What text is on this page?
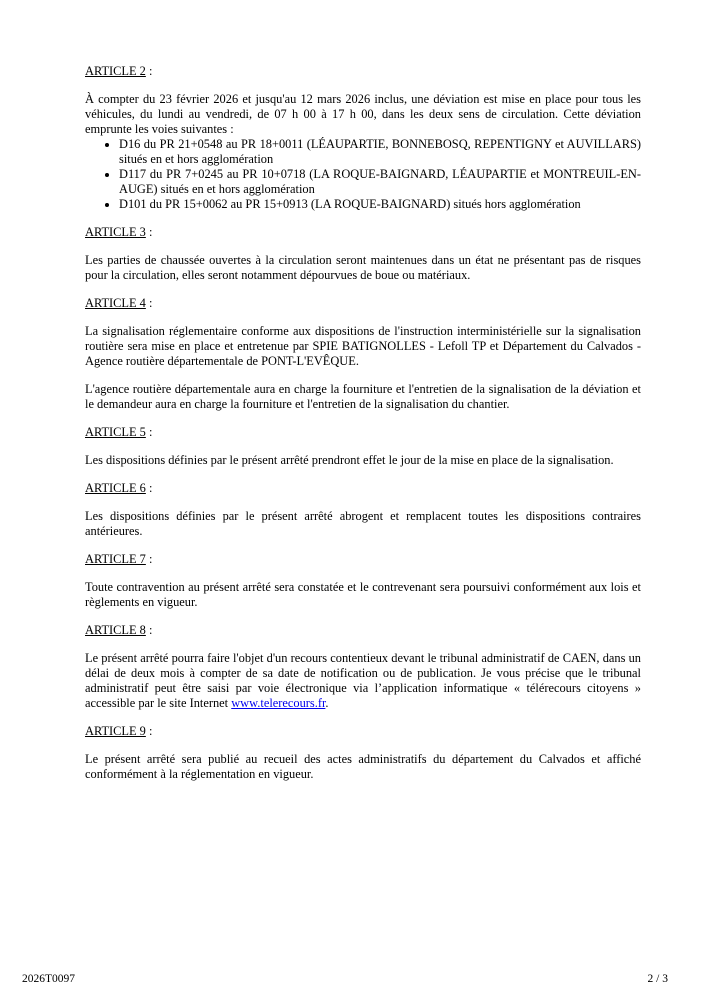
ARTICLE 2 :

À compter du 23 février 2026 et jusqu'au 12 mars 2026 inclus, une déviation est mise en place pour tous les véhicules, du lundi au vendredi, de 07 h 00 à 17 h 00, dans les deux sens de circulation. Cette déviation emprunte les voies suivantes :

• D16 du PR 21+0548 au PR 18+0011 (LÉAUPARTIE, BONNEBOSQ, REPENTIGNY et AUVILLARS) situés en et hors agglomération
• D117 du PR 7+0245 au PR 10+0718 (LA ROQUE-BAIGNARD, LÉAUPARTIE et MONTREUIL-EN-AUGE) situés en et hors agglomération
• D101 du PR 15+0062 au PR 15+0913 (LA ROQUE-BAIGNARD) situés hors agglomération
ARTICLE 3 :

Les parties de chaussée ouvertes à la circulation seront maintenues dans un état ne présentant pas de risques pour la circulation, elles seront notamment dépourvues de boue ou matériaux.

ARTICLE 4 :

La signalisation réglementaire conforme aux dispositions de l'instruction interministérielle sur la signalisation routière sera mise en place et entretenue par SPIE BATIGNOLLES - Lefoll TP et Département du Calvados - Agence routière départementale de PONT-L'EVÊQUE.

L'agence routière départementale aura en charge la fourniture et l'entretien de la signalisation de la déviation et le demandeur aura en charge la fourniture et l'entretien de la signalisation du chantier.

ARTICLE 5 :

Les dispositions définies par le présent arrêté prendront effet le jour de la mise en place de la signalisation.

ARTICLE 6 :

Les dispositions définies par le présent arrêté abrogent et remplacent toutes les dispositions contraires antérieures.

ARTICLE 7 :

Toute contravention au présent arrêté sera constatée et le contrevenant sera poursuivi conformément aux lois et règlements en vigueur.

ARTICLE 8 :

Le présent arrêté pourra faire l'objet d'un recours contentieux devant le tribunal administratif de CAEN, dans un délai de deux mois à compter de sa date de notification ou de publication. Je vous précise que le tribunal administratif peut être saisi par voie électronique via l’application informatique « télérecours citoyens » accessible par le site Internet www.telerecours.fr.

ARTICLE 9 :

Le présent arrêté sera publié au recueil des actes administratifs du département du Calvados et affiché conformément à la réglementation en vigueur.

2026T0097	2 / 3
